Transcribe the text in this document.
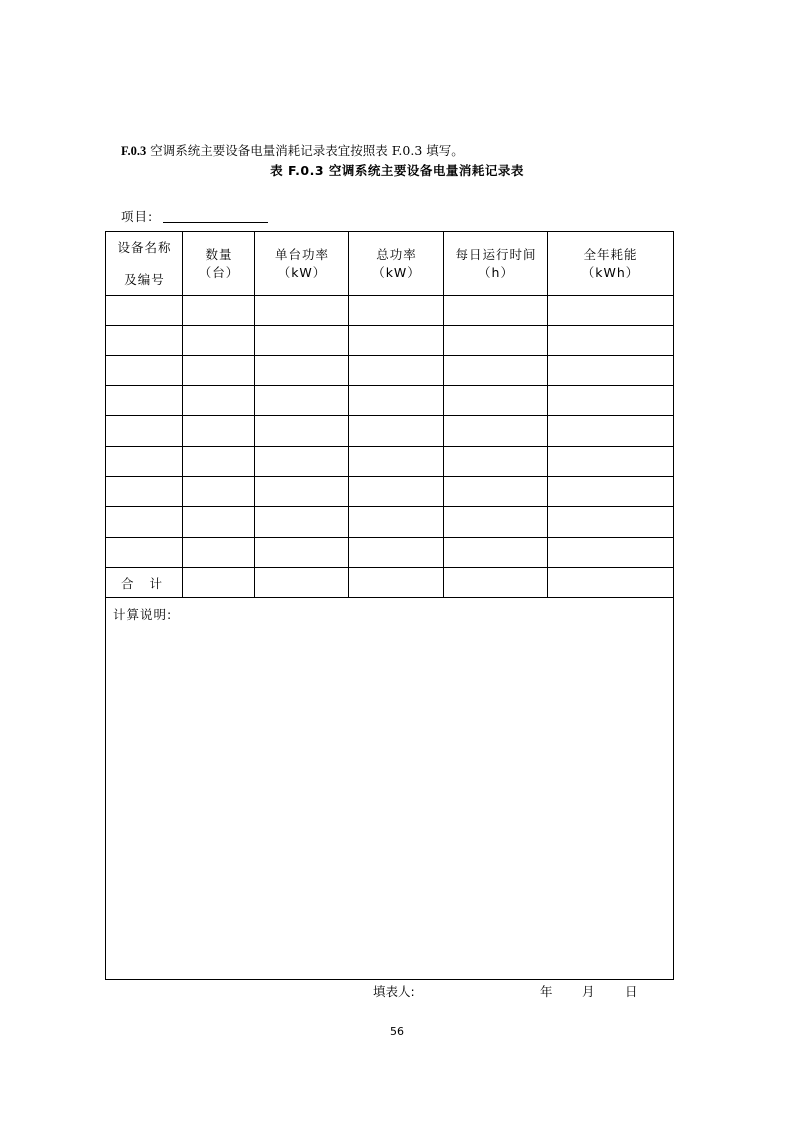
F.0.3 空调系统主要设备电量消耗记录表宜按照表 F.0.3 填写。
表 F.0.3 空调系统主要设备电量消耗记录表
项目:
设备名称
及编号
数量
（台）
单台功率
（kW）
总功率
（kW）
每日运行时间
（h）
全年耗能
（kWh）
合 计
计算说明:
填表人:	年 月 日
56
